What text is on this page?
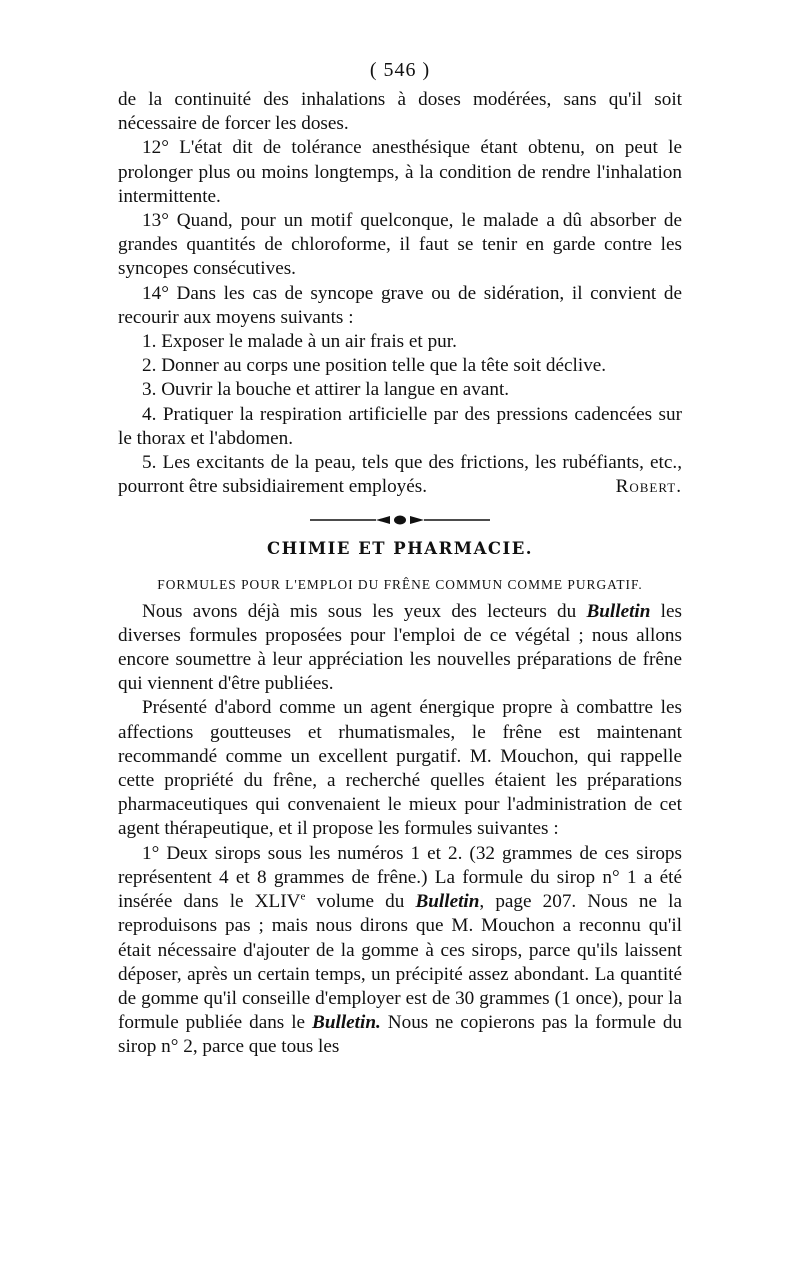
( 546 )

de la continuité des inhalations à doses modérées, sans qu'il soit nécessaire de forcer les doses.

12° L'état dit de tolérance anesthésique étant obtenu, on peut le prolonger plus ou moins longtemps, à la condition de rendre l'inhalation intermittente.

13° Quand, pour un motif quelconque, le malade a dû absorber de grandes quantités de chloroforme, il faut se tenir en garde contre les syncopes consécutives.

14° Dans les cas de syncope grave ou de sidération, il convient de recourir aux moyens suivants :

1. Exposer le malade à un air frais et pur.

2. Donner au corps une position telle que la tête soit déclive.

3. Ouvrir la bouche et attirer la langue en avant.

4. Pratiquer la respiration artificielle par des pressions cadencées sur le thorax et l'abdomen.

5. Les excitants de la peau, tels que des frictions, les rubéfiants, etc., pourront être subsidiairement employés.	Robert.

CHIMIE ET PHARMACIE.
FORMULES POUR L'EMPLOI DU FRÊNE COMMUN COMME PURGATIF.

Nous avons déjà mis sous les yeux des lecteurs du Bulletin les diverses formules proposées pour l'emploi de ce végétal ; nous allons encore soumettre à leur appréciation les nouvelles préparations de frêne qui viennent d'être publiées.

Présenté d'abord comme un agent énergique propre à combattre les affections goutteuses et rhumatismales, le frêne est maintenant recommandé comme un excellent purgatif. M. Mouchon, qui rappelle cette propriété du frêne, a recherché quelles étaient les préparations pharmaceutiques qui convenaient le mieux pour l'administration de cet agent thérapeutique, et il propose les formules suivantes :

1° Deux sirops sous les numéros 1 et 2. (32 grammes de ces sirops représentent 4 et 8 grammes de frêne.) La formule du sirop n° 1 a été insérée dans le XLIVe volume du Bulletin, page 207. Nous ne la reproduisons pas ; mais nous dirons que M. Mouchon a reconnu qu'il était nécessaire d'ajouter de la gomme à ces sirops, parce qu'ils laissent déposer, après un certain temps, un précipité assez abondant. La quantité de gomme qu'il conseille d'employer est de 30 grammes (1 once), pour la formule publiée dans le Bulletin. Nous ne copierons pas la formule du sirop n° 2, parce que tous les
